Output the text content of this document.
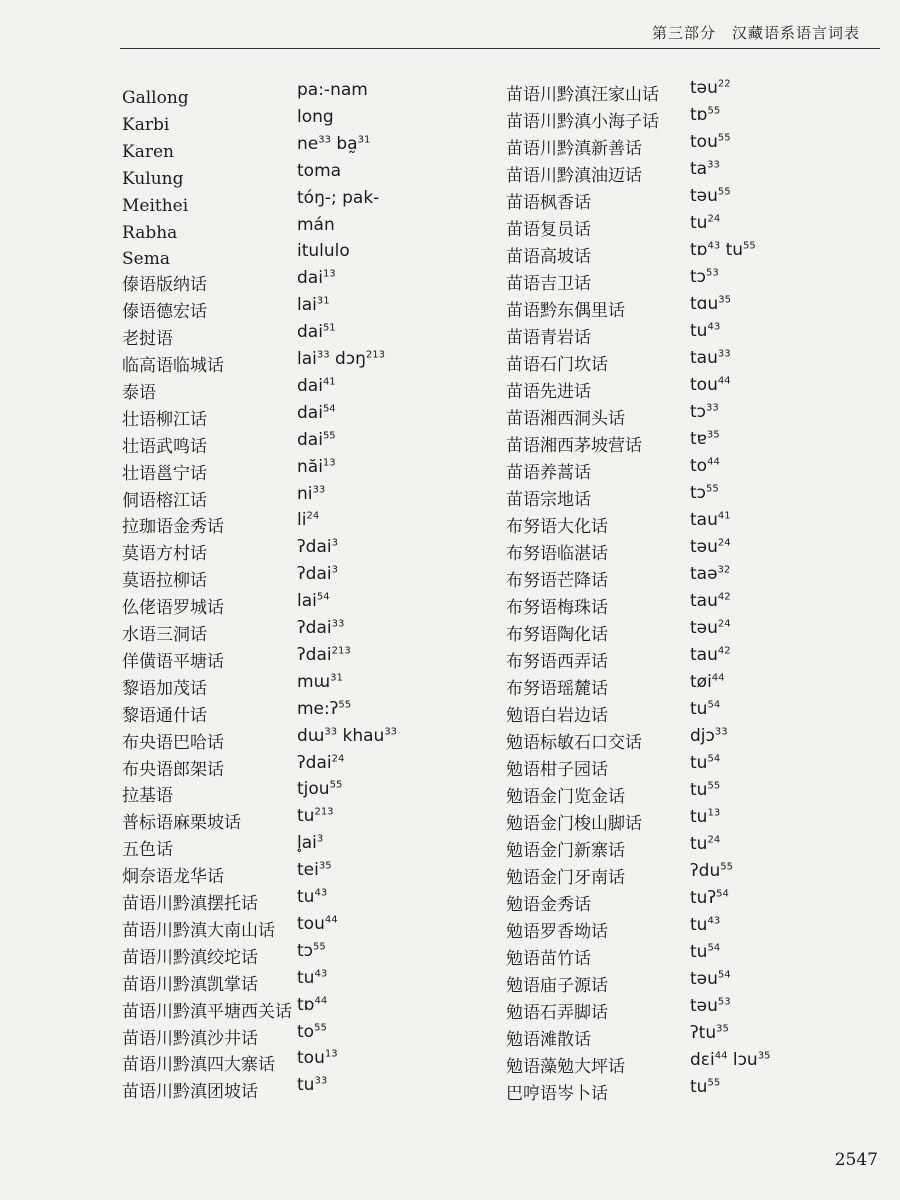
第三部分　汉藏语系语言词表
Gallong	pa:-nam
Karbi	long
Karen	$ne^{33}$ ba̰$^{31}$
Kulung	toma
Meithei	tóŋ-; pak-
Rabha	mán
Sema	itululo
傣语版纳话	dai$^{13}$
傣语德宏话	lai$^{31}$
老挝语	dai$^{51}$
临高语临城话	lai$^{33}$ dɔŋ$^{213}$
泰语	dai$^{41}$
壮语柳江话	dai$^{54}$
壮语武鸣话	dai$^{55}$
壮语邕宁话	năi$^{13}$
侗语榕江话	$ni^{33}$
拉珈语金秀话	$li^{24}$
莫语方村话	ʔdai$^3$
莫语拉柳话	ʔdai$^3$
仫佬语罗城话	lai$^{54}$
水语三洞话	ʔdai$^{33}$
佯僙语平塘话	ʔdai$^{213}$
黎语加茂话	mɯ$^{31}$
黎语通什话	me:ʔ$^{55}$
布央语巴哈话	dɯ$^{33}$ khau$^{33}$
布央语郎架话	ʔdai$^{24}$
拉基语	tjou$^{55}$
普标语麻栗坡话	$tu^{213}$
五色话	$l̥ai^3$
炯奈语龙华话	tei$^{35}$
苗语川黔滇摆托话 $tu^{43}$
苗语川黔滇大南山话 tou$^{44}$
苗语川黔滇绞坨话 tɔ$^{55}$
苗语川黔滇凯掌话 $tu^{43}$
苗语川黔滇平塘西关话 tɒ$^{44}$
苗语川黔滇沙井话 $to^{55}$
苗语川黔滇四大寨话 tou$^{13}$
苗语川黔滇团坡话 $tu^{33}$
苗语川黔滇汪家山话 təu$^{22}$
苗语川黔滇小海子话 tɒ$^{55}$
苗语川黔滇新善话	tou$^{55}$
苗语川黔滇油迈话	$ta^{33}$
苗语枫香话	təu$^{55}$
苗语复员话	$tu^{24}$
苗语高坡话	tɒ$^{43}$ $tu^{55}$
苗语吉卫话	tɔ$^{53}$
苗语黔东偶里话	tɑu$^{35}$
苗语青岩话	$tu^{43}$
苗语石门坎话	tau$^{33}$
苗语先进话	tou$^{44}$
苗语湘西洞头话	tɔ$^{33}$
苗语湘西茅坡营话	tɐ$^{35}$
苗语养蒿话	$to^{44}$
苗语宗地话	tɔ$^{55}$
布努语大化话	tau$^{41}$
布努语临湛话	təu$^{24}$
布努语芒降话	taə$^{32}$
布努语梅珠话	tau$^{42}$
布努语陶化话	təu$^{24}$
布努语西弄话	tau$^{42}$
布努语瑶麓话	tøi$^{44}$
勉语白岩边话	$tu^{54}$
勉语标敏石口交话	djɔ$^{33}$
勉语柑子园话	$tu^{54}$
勉语金门览金话	$tu^{55}$
勉语金门梭山脚话	$tu^{13}$
勉语金门新寨话	$tu^{24}$
勉语金门牙南话	ʔdu$^{55}$
勉语金秀话	tuʔ$^{54}$
勉语罗香坳话	$tu^{43}$
勉语苗竹话	$tu^{54}$
勉语庙子源话	təu$^{54}$
勉语石弄脚话	təu$^{53}$
勉语滩散话	ʔtu$^{35}$
勉语藻勉大坪话	dɛi$^{44}$ lɔu$^{35}$
巴哼语岑卜话	$tu^{55}$
2547
